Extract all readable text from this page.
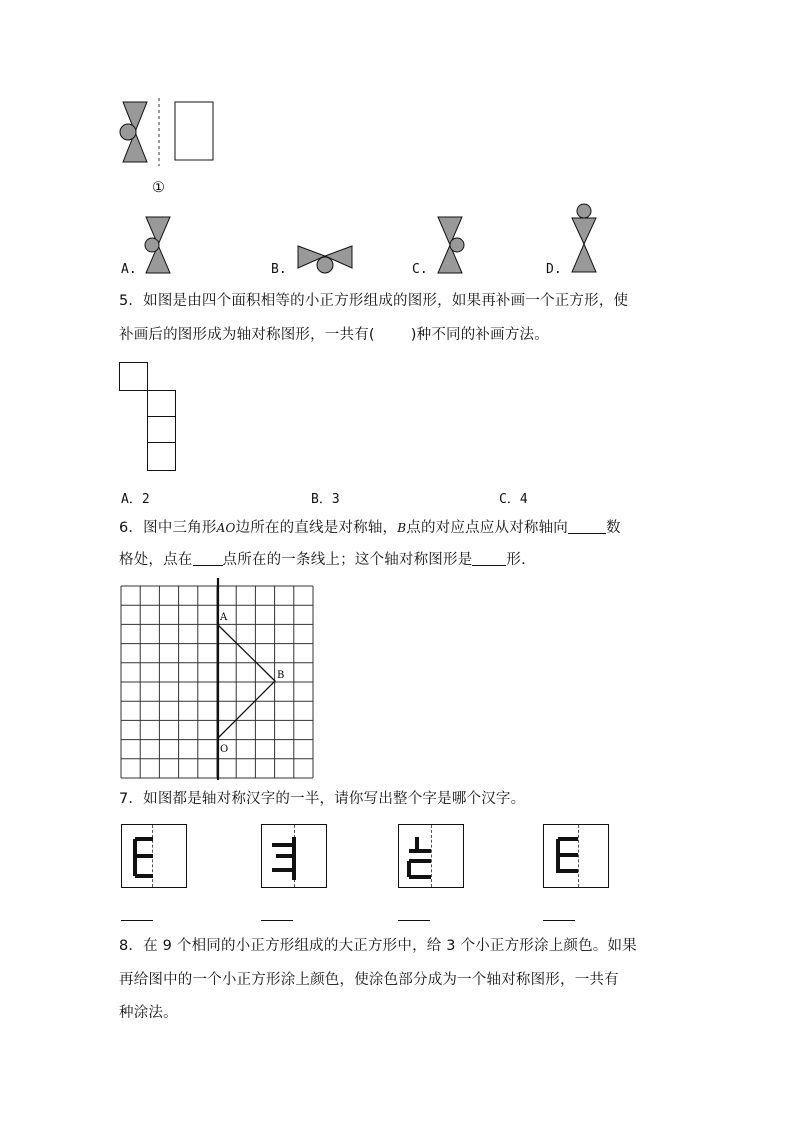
①
A.	B.	C.	D.
5．如图是由四个面积相等的小正方形组成的图形，如果再补画一个正方形，使
补画后的图形成为轴对称图形，一共有( )种不同的补画方法。
A．2	B．3	C．4
6．图中三角形AO边所在的直线是对称轴，B点的对应点应从对称轴向	数
格处，点在 点所在的一条线上；这个轴对称图形是 形.
A
B
O
7．如图都是轴对称汉字的一半，请你写出整个字是哪个汉字。
8．在 9 个相同的小正方形组成的大正方形中，给 3 个小正方形涂上颜色。如果
再给图中的一个小正方形涂上颜色，使涂色部分成为一个轴对称图形，一共有
种涂法。
